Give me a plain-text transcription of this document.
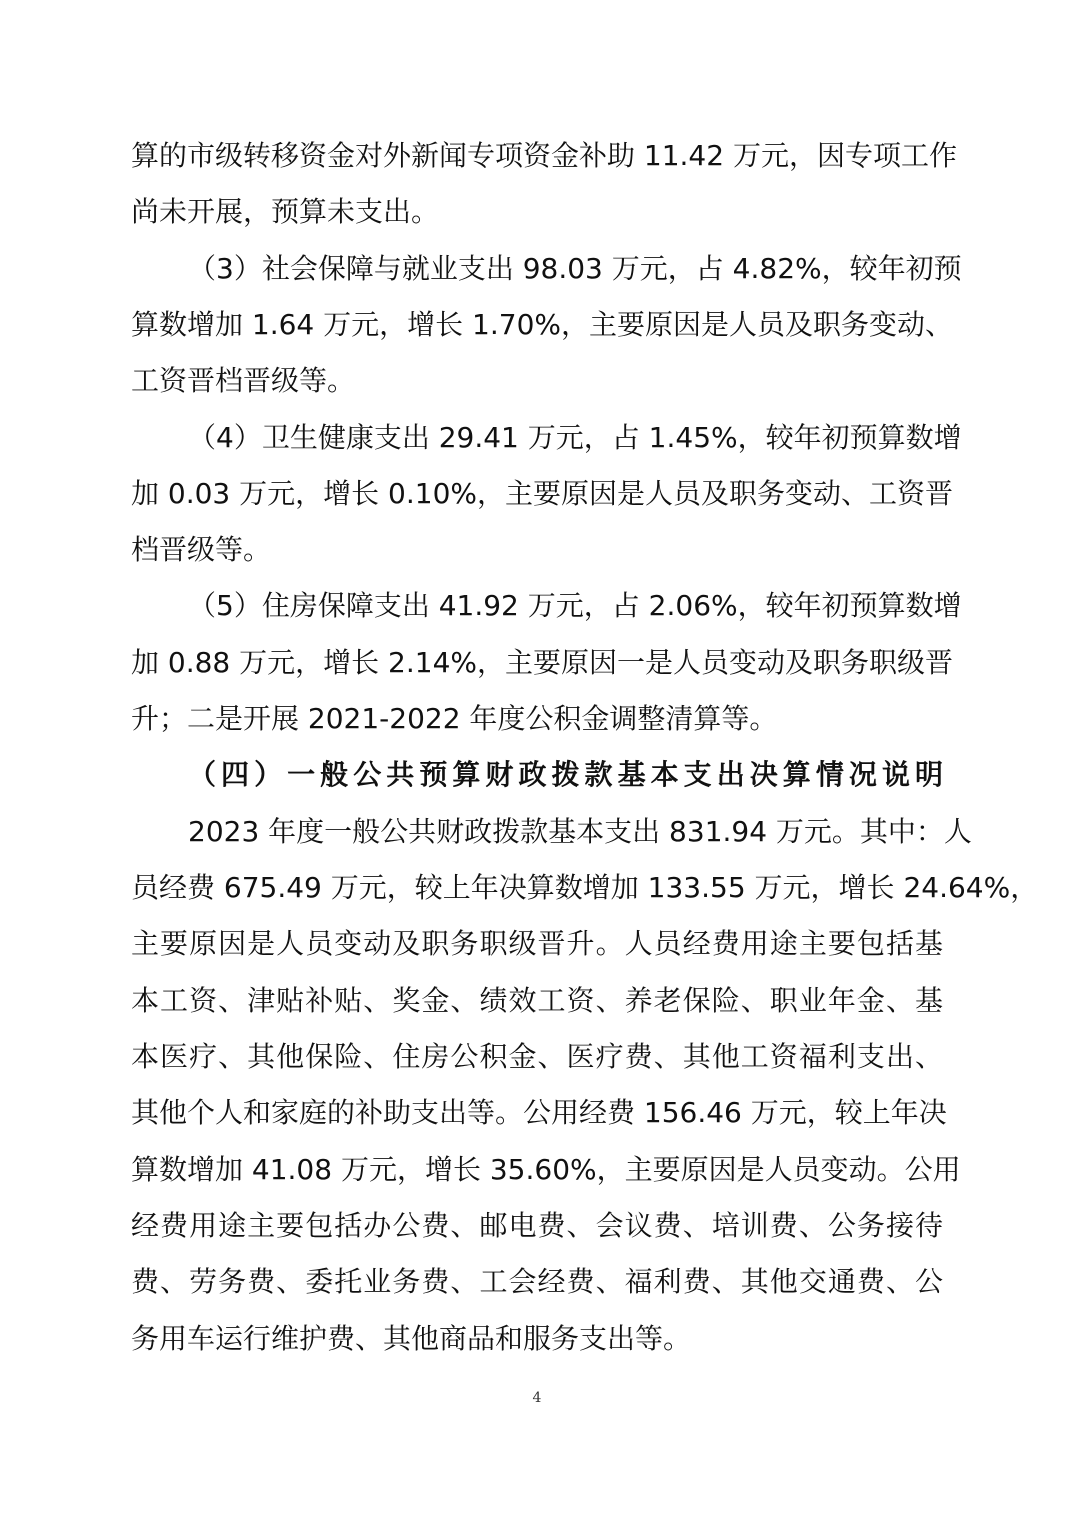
算的市级转移资金对外新闻专项资金补助 11.42 万元，因专项工作
尚未开展，预算未支出。
（3）社会保障与就业支出 98.03 万元，占 4.82%，较年初预
算数增加 1.64 万元，增长 1.70%，主要原因是人员及职务变动、
工资晋档晋级等。
（4）卫生健康支出 29.41 万元，占 1.45%，较年初预算数增
加 0.03 万元，增长 0.10%，主要原因是人员及职务变动、工资晋
档晋级等。
（5）住房保障支出 41.92 万元，占 2.06%，较年初预算数增
加 0.88 万元，增长 2.14%，主要原因一是人员变动及职务职级晋
升；二是开展 2021-2022 年度公积金调整清算等。
（四）一般公共预算财政拨款基本支出决算情况说明
2023 年度一般公共财政拨款基本支出 831.94 万元。其中：人
员经费 675.49 万元，较上年决算数增加 133.55 万元，增长 24.64%，
主要原因是人员变动及职务职级晋升。人员经费用途主要包括基
本工资、津贴补贴、奖金、绩效工资、养老保险、职业年金、基
本医疗、其他保险、住房公积金、医疗费、其他工资福利支出、
其他个人和家庭的补助支出等。公用经费 156.46 万元，较上年决
算数增加 41.08 万元，增长 35.60%，主要原因是人员变动。公用
经费用途主要包括办公费、邮电费、会议费、培训费、公务接待
费、劳务费、委托业务费、工会经费、福利费、其他交通费、公
务用车运行维护费、其他商品和服务支出等。
4
